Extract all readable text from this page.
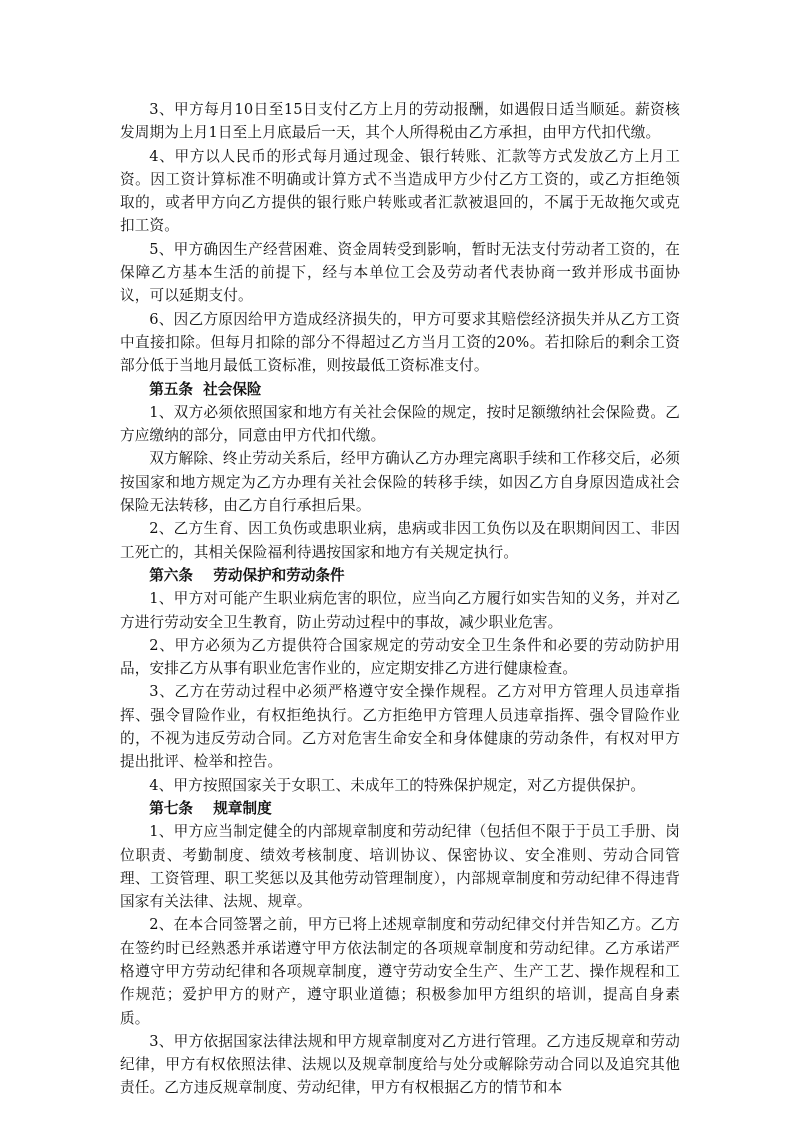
3、甲方每月10日至15日支付乙方上月的劳动报酬，如遇假日适当顺延。薪资核发周期为上月1日至上月底最后一天，其个人所得税由乙方承担，由甲方代扣代缴。

4、甲方以人民币的形式每月通过现金、银行转账、汇款等方式发放乙方上月工资。因工资计算标准不明确或计算方式不当造成甲方少付乙方工资的，或乙方拒绝领取的，或者甲方向乙方提供的银行账户转账或者汇款被退回的，不属于无故拖欠或克扣工资。

5、甲方确因生产经营困难、资金周转受到影响，暂时无法支付劳动者工资的，在保障乙方基本生活的前提下，经与本单位工会及劳动者代表协商一致并形成书面协议，可以延期支付。

6、因乙方原因给甲方造成经济损失的，甲方可要求其赔偿经济损失并从乙方工资中直接扣除。但每月扣除的部分不得超过乙方当月工资的20%。若扣除后的剩余工资部分低于当地月最低工资标准，则按最低工资标准支付。

第五条  社会保险

1、双方必须依照国家和地方有关社会保险的规定，按时足额缴纳社会保险费。乙方应缴纳的部分，同意由甲方代扣代缴。

双方解除、终止劳动关系后，经甲方确认乙方办理完离职手续和工作移交后，必须按国家和地方规定为乙方办理有关社会保险的转移手续，如因乙方自身原因造成社会保险无法转移，由乙方自行承担后果。

2、乙方生育、因工负伤或患职业病，患病或非因工负伤以及在职期间因工、非因工死亡的，其相关保险福利待遇按国家和地方有关规定执行。

第六条    劳动保护和劳动条件

1、甲方对可能产生职业病危害的职位，应当向乙方履行如实告知的义务，并对乙方进行劳动安全卫生教育，防止劳动过程中的事故，减少职业危害。

2、甲方必须为乙方提供符合国家规定的劳动安全卫生条件和必要的劳动防护用品，安排乙方从事有职业危害作业的，应定期安排乙方进行健康检查。

3、乙方在劳动过程中必须严格遵守安全操作规程。乙方对甲方管理人员违章指挥、强令冒险作业，有权拒绝执行。乙方拒绝甲方管理人员违章指挥、强令冒险作业的，不视为违反劳动合同。乙方对危害生命安全和身体健康的劳动条件，有权对甲方提出批评、检举和控告。

4、甲方按照国家关于女职工、未成年工的特殊保护规定，对乙方提供保护。

第七条    规章制度

1、甲方应当制定健全的内部规章制度和劳动纪律（包括但不限于于员工手册、岗位职责、考勤制度、绩效考核制度、培训协议、保密协议、安全准则、劳动合同管理、工资管理、职工奖惩以及其他劳动管理制度），内部规章制度和劳动纪律不得违背国家有关法律、法规、规章。

2、在本合同签署之前，甲方已将上述规章制度和劳动纪律交付并告知乙方。乙方在签约时已经熟悉并承诺遵守甲方依法制定的各项规章制度和劳动纪律。乙方承诺严格遵守甲方劳动纪律和各项规章制度，遵守劳动安全生产、生产工艺、操作规程和工作规范；爱护甲方的财产，遵守职业道德；积极参加甲方组织的培训，提高自身素质。

3、甲方依据国家法律法规和甲方规章制度对乙方进行管理。乙方违反规章和劳动纪律，甲方有权依照法律、法规以及规章制度给与处分或解除劳动合同以及追究其他责任。乙方违反规章制度、劳动纪律，甲方有权根据乙方的情节和本
